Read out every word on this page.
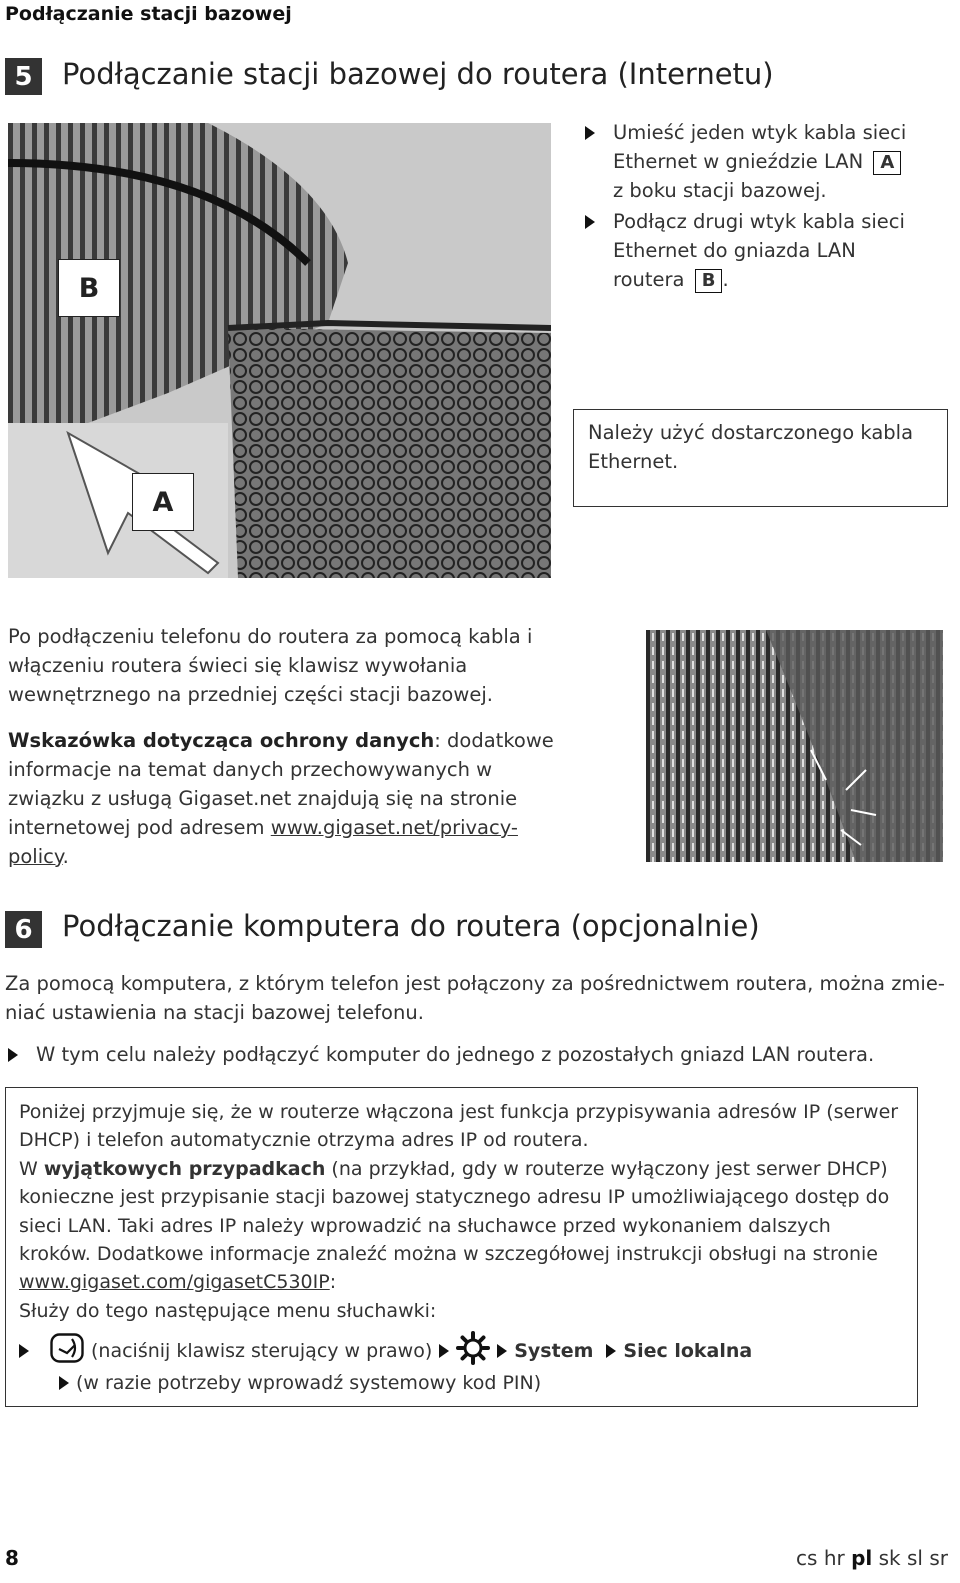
Podłączanie stacji bazowej
5	Podłączanie stacji bazowej do routera (Internetu)
B
A
Umieść jeden wtyk kabla sieci Ethernet w gnieździe LAN A z boku stacji bazowej.
Podłącz drugi wtyk kabla sieci Ethernet do gniazda LAN routera B .
Należy użyć dostarczonego kabla Ethernet.
Po podłączeniu telefonu do routera za pomocą kabla i włączeniu routera świeci się klawisz wywołania wewnętrznego na przedniej części stacji bazowej.
Wskazówka dotycząca ochrony danych: dodatkowe informacje na temat danych przechowywanych w związku z usługą Gigaset.net znajdują się na stronie internetowej pod adresem www.gigaset.net/privacy-policy.
6	Podłączanie komputera do routera (opcjonalnie)
Za pomocą komputera, z którym telefon jest połączony za pośrednictwem routera, można zmie-niać ustawienia na stacji bazowej telefonu.
W tym celu należy podłączyć komputer do jednego z pozostałych gniazd LAN routera.

Poniżej przyjmuje się, że w routerze włączona jest funkcja przypisywania adresów IP (serwer DHCP) i telefon automatycznie otrzyma adres IP od routera.

W wyjątkowych przypadkach (na przykład, gdy w routerze wyłączony jest serwer DHCP) konieczne jest przypisanie stacji bazowej statycznego adresu IP umożliwiającego dostęp do sieci LAN. Taki adres IP należy wprowadzić na słuchawce przed wykonaniem dalszych kroków. Dodatkowe informacje znaleźć można w szczegółowej instrukcji obsługi na stronie www.gigaset.com/gigasetC530IP:

Służy do tego następujące menu słuchawki:

(naciśnij klawisz sterujący w prawo)	System Siec lokalna
(w razie potrzeby wprowadź systemowy kod PIN)
8	cs hr pl sk sl sr
